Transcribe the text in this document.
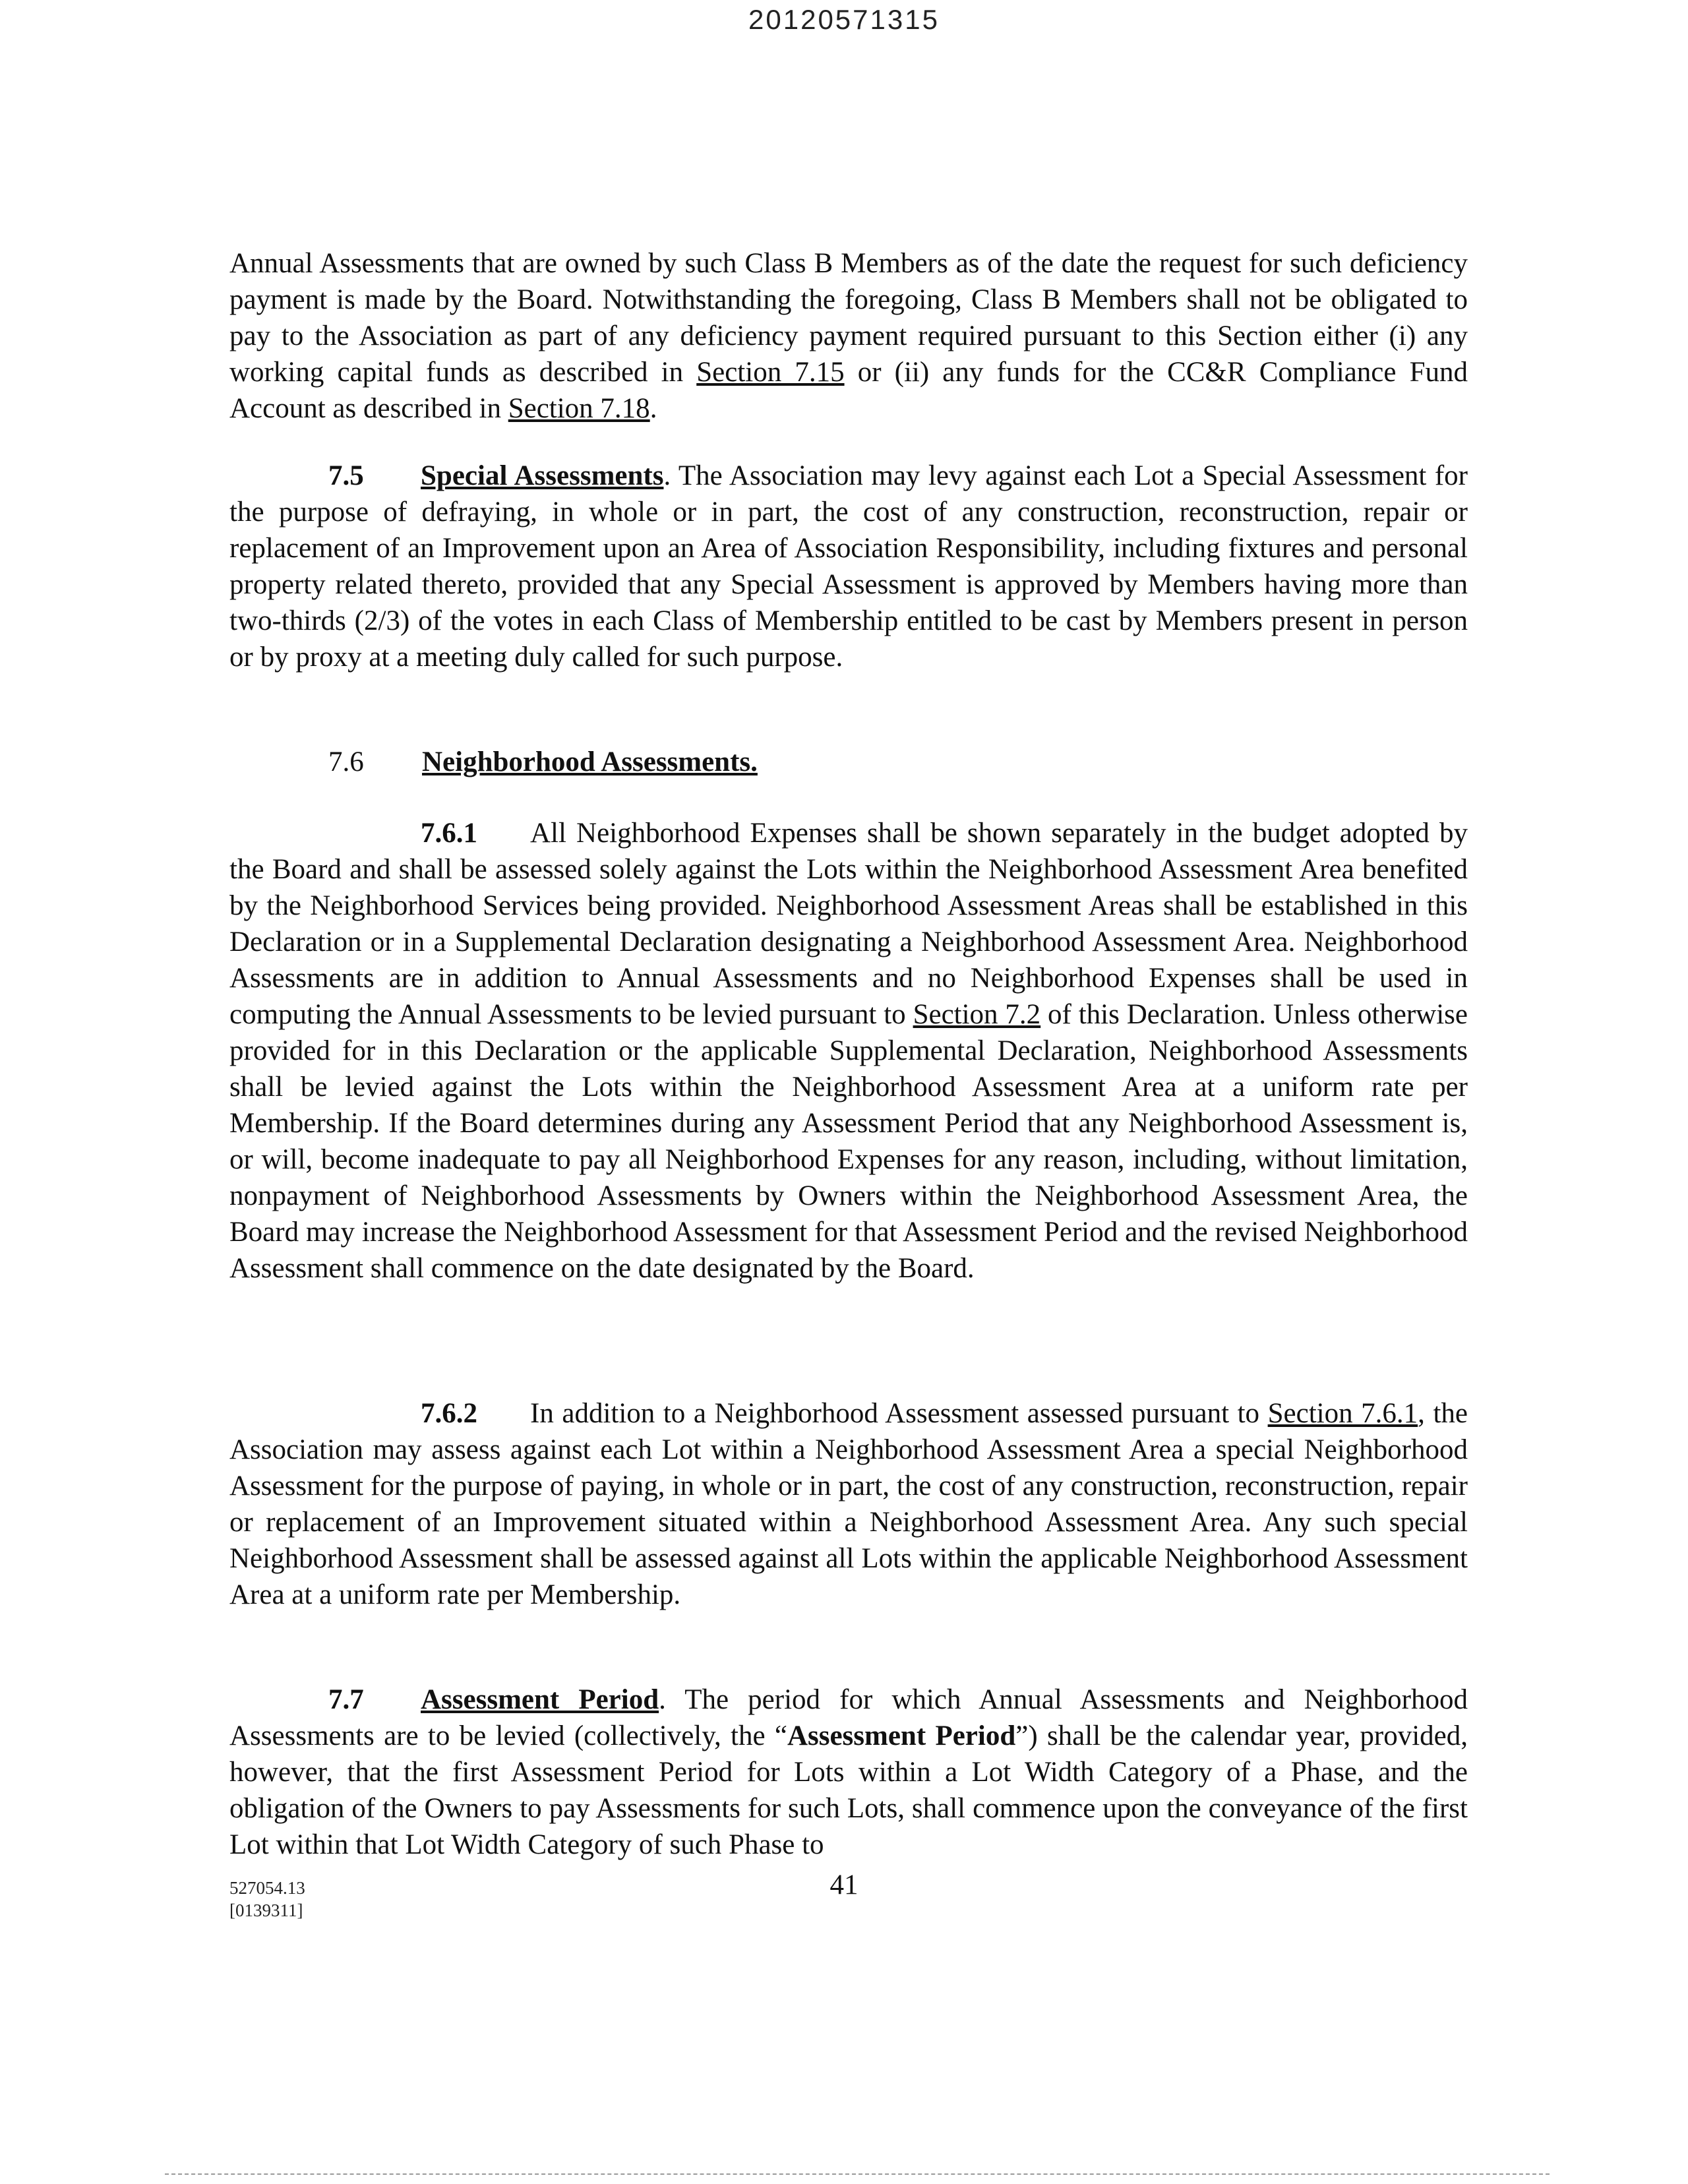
20120571315

Annual Assessments that are owned by such Class B Members as of the date the request for such deficiency payment is made by the Board. Notwithstanding the foregoing, Class B Members shall not be obligated to pay to the Association as part of any deficiency payment required pursuant to this Section either (i) any working capital funds as described in Section 7.15 or (ii) any funds for the CC&R Compliance Fund Account as described in Section 7.18.

7.5 Special Assessments. The Association may levy against each Lot a Special Assessment for the purpose of defraying, in whole or in part, the cost of any construction, reconstruction, repair or replacement of an Improvement upon an Area of Association Responsibility, including fixtures and personal property related thereto, provided that any Special Assessment is approved by Members having more than two-thirds (2/3) of the votes in each Class of Membership entitled to be cast by Members present in person or by proxy at a meeting duly called for such purpose.

7.6 Neighborhood Assessments.

7.6.1 All Neighborhood Expenses shall be shown separately in the budget adopted by the Board and shall be assessed solely against the Lots within the Neighborhood Assessment Area benefited by the Neighborhood Services being provided. Neighborhood Assessment Areas shall be established in this Declaration or in a Supplemental Declaration designating a Neighborhood Assessment Area. Neighborhood Assessments are in addition to Annual Assessments and no Neighborhood Expenses shall be used in computing the Annual Assessments to be levied pursuant to Section 7.2 of this Declaration. Unless otherwise provided for in this Declaration or the applicable Supplemental Declaration, Neighborhood Assessments shall be levied against the Lots within the Neighborhood Assessment Area at a uniform rate per Membership. If the Board determines during any Assessment Period that any Neighborhood Assessment is, or will, become inadequate to pay all Neighborhood Expenses for any reason, including, without limitation, nonpayment of Neighborhood Assessments by Owners within the Neighborhood Assessment Area, the Board may increase the Neighborhood Assessment for that Assessment Period and the revised Neighborhood Assessment shall commence on the date designated by the Board.

7.6.2 In addition to a Neighborhood Assessment assessed pursuant to Section 7.6.1, the Association may assess against each Lot within a Neighborhood Assessment Area a special Neighborhood Assessment for the purpose of paying, in whole or in part, the cost of any construction, reconstruction, repair or replacement of an Improvement situated within a Neighborhood Assessment Area. Any such special Neighborhood Assessment shall be assessed against all Lots within the applicable Neighborhood Assessment Area at a uniform rate per Membership.

7.7 Assessment Period. The period for which Annual Assessments and Neighborhood Assessments are to be levied (collectively, the “Assessment Period”) shall be the calendar year, provided, however, that the first Assessment Period for Lots within a Lot Width Category of a Phase, and the obligation of the Owners to pay Assessments for such Lots, shall commence upon the conveyance of the first Lot within that Lot Width Category of such Phase to

527054.13
[0139311]
41
